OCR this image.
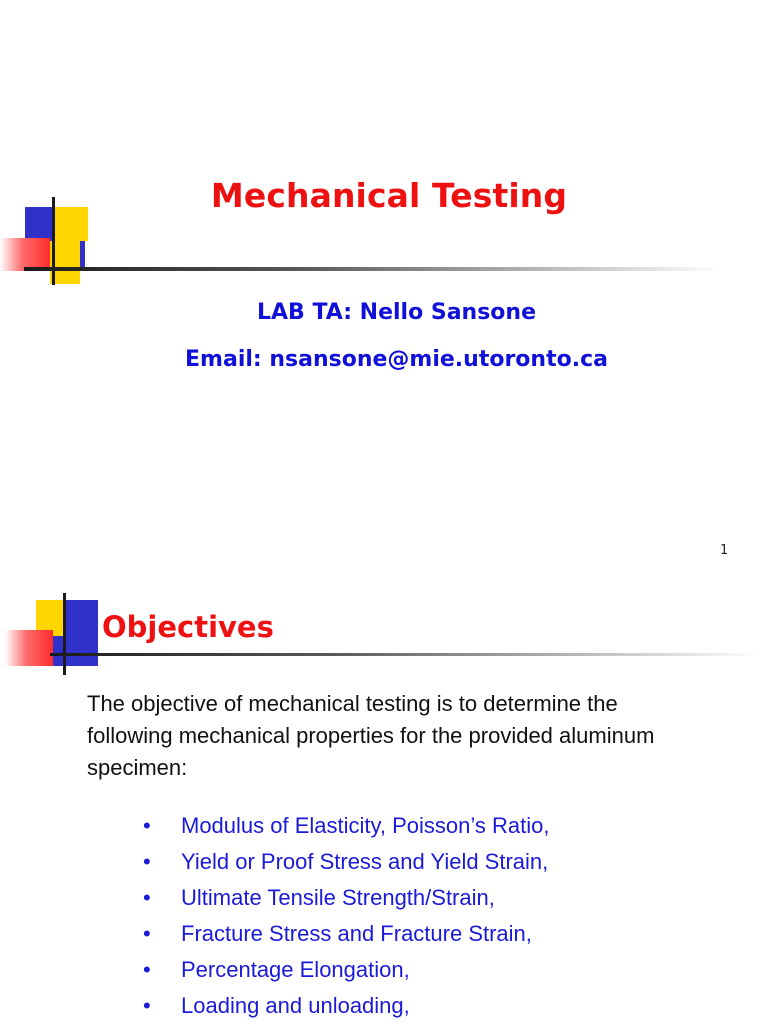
Mechanical Testing

LAB TA: Nello Sansone

Email: nsansone@mie.utoronto.ca

1
Objectives

The objective of mechanical testing is to determine the following mechanical properties for the provided aluminum specimen:

• Modulus of Elasticity, Poisson’s Ratio,
• Yield or Proof Stress and Yield Strain,
• Ultimate Tensile Strength/Strain,
• Fracture Stress and Fracture Strain,
• Percentage Elongation,
• Loading and unloading,
